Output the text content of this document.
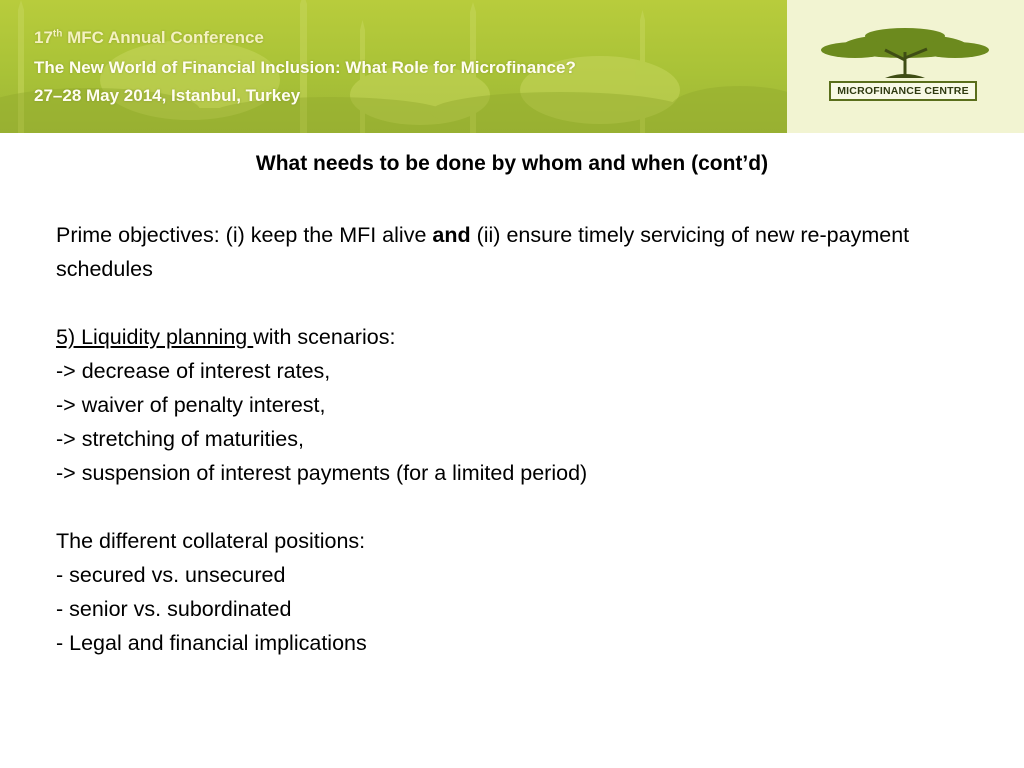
17th MFC Annual Conference
The New World of Financial Inclusion: What Role for Microfinance?
27–28 May 2014, Istanbul, Turkey	MICROFINANCE CENTRE
What needs to be done by whom and when (cont’d)

Prime objectives: (i) keep the MFI alive and (ii) ensure timely servicing of new re-payment schedules

5) Liquidity planning with scenarios:

-> decrease of interest rates,

-> waiver of penalty interest,

-> stretching of maturities,

-> suspension of interest payments (for a limited period)

The different collateral positions:

- secured vs. unsecured

- senior vs. subordinated

- Legal and financial implications
